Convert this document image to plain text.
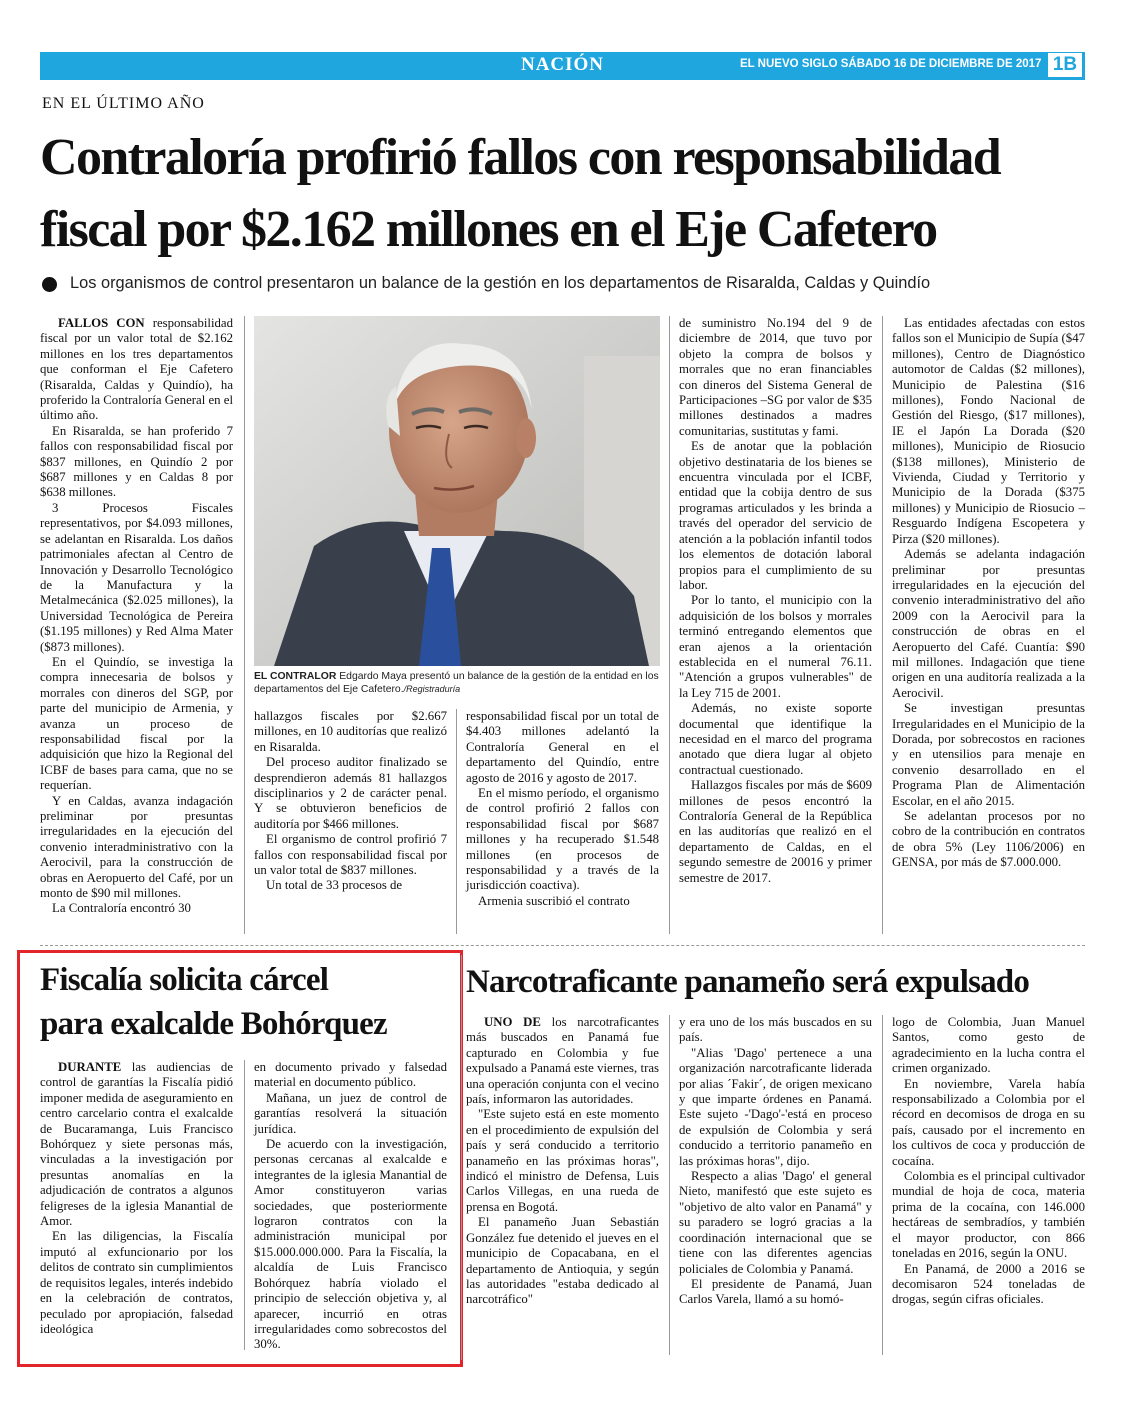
NACIÓN	EL NUEVO SIGLO SÁBADO 16 DE DICIEMBRE DE 2017 1B
EN EL ÚLTIMO AÑO
Contraloría profirió fallos con responsabilidad
fiscal por $2.162 millones en el Eje Cafetero
Los organismos de control presentaron un balance de la gestión en los departamentos de Risaralda, Caldas y Quindío

FALLOS CON responsabilidad fiscal por un valor total de $2.162 millones en los tres departamentos que conforman el Eje Cafetero (Risaralda, Caldas y Quindío), ha proferido la Contraloría General en el último año.

En Risaralda, se han proferido 7 fallos con responsabilidad fiscal por $837 millones, en Quindío 2 por $687 millones y en Caldas 8 por $638 millones.

3 Procesos Fiscales representativos, por $4.093 millones, se adelantan en Risaralda. Los daños patrimoniales afectan al Centro de Innovación y Desarrollo Tecnológico de la Manufactura y la Metalmecánica ($2.025 millones), la Universidad Tecnológica de Pereira ($1.195 millones) y Red Alma Mater ($873 millones).

En el Quindío, se investiga la compra innecesaria de bolsos y morrales con dineros del SGP, por parte del municipio de Armenia, y avanza un proceso de responsabilidad fiscal por la adquisición que hizo la Regional del ICBF de bases para cama, que no se requerían.

Y en Caldas, avanza indagación preliminar por presuntas irregularidades en la ejecución del convenio interadministrativo con la Aerocivil, para la construcción de obras en Aeropuerto del Café, por un monto de $90 mil millones.

La Contraloría encontró 30

EL CONTRALOR Edgardo Maya presentó un balance de la gestión de la entidad en los departamentos del Eje Cafetero./Registraduría

hallazgos fiscales por $2.667 millones, en 10 auditorías que realizó en Risaralda.

Del proceso auditor finalizado se desprendieron además 81 hallazgos disciplinarios y 2 de carácter penal. Y se obtuvieron beneficios de auditoría por $466 millones.

El organismo de control profirió 7 fallos con responsabilidad fiscal por un valor total de $837 millones.

Un total de 33 procesos de

responsabilidad fiscal por un total de $4.403 millones adelantó la Contraloría General en el departamento del Quindío, entre agosto de 2016 y agosto de 2017.

En el mismo período, el organismo de control profirió 2 fallos con responsabilidad fiscal por $687 millones y ha recuperado $1.548 millones (en procesos de responsabilidad y a través de la jurisdicción coactiva).

Armenia suscribió el contrato

de suministro No.194 del 9 de diciembre de 2014, que tuvo por objeto la compra de bolsos y morrales que no eran financiables con dineros del Sistema General de Participaciones –SG por valor de $35 millones destinados a madres comunitarias, sustitutas y fami.

Es de anotar que la población objetivo destinataria de los bienes se encuentra vinculada por el ICBF, entidad que la cobija dentro de sus programas articulados y les brinda a través del operador del servicio de atención a la población infantil todos los elementos de dotación laboral propios para el cumplimiento de su labor.

Por lo tanto, el municipio con la adquisición de los bolsos y morrales terminó entregando elementos que eran ajenos a la orientación establecida en el numeral 76.11. "Atención a grupos vulnerables" de la Ley 715 de 2001.

Además, no existe soporte documental que identifique la necesidad en el marco del programa anotado que diera lugar al objeto contractual cuestionado.

Hallazgos fiscales por más de $609 millones de pesos encontró la Contraloría General de la República en las auditorías que realizó en el departamento de Caldas, en el segundo semestre de 20016 y primer semestre de 2017.

Las entidades afectadas con estos fallos son el Municipio de Supía ($47 millones), Centro de Diagnóstico automotor de Caldas ($2 millones), Municipio de Palestina ($16 millones), Fondo Nacional de Gestión del Riesgo, ($17 millones), IE el Japón La Dorada ($20 millones), Municipio de Riosucio ($138 millones), Ministerio de Vivienda, Ciudad y Territorio y Municipio de la Dorada ($375 millones) y Municipio de Riosucio –Resguardo Indígena Escopetera y Pirza ($20 millones).

Además se adelanta indagación preliminar por presuntas irregularidades en la ejecución del convenio interadministrativo del año 2009 con la Aerocivil para la construcción de obras en el Aeropuerto del Café. Cuantía: $90 mil millones. Indagación que tiene origen en una auditoría realizada a la Aerocivil.

Se investigan presuntas Irregularidades en el Municipio de la Dorada, por sobrecostos en raciones y en utensilios para menaje en convenio desarrollado en el Programa Plan de Alimentación Escolar, en el año 2015.

Se adelantan procesos por no cobro de la contribución en contratos de obra 5% (Ley 1106/2006) en GENSA, por más de $7.000.000.

Fiscalía solicita cárcel
para exalcalde Bohórquez

DURANTE las audiencias de control de garantías la Fiscalía pidió imponer medida de aseguramiento en centro carcelario contra el exalcalde de Bucaramanga, Luis Francisco Bohórquez y siete personas más, vinculadas a la investigación por presuntas anomalías en la adjudicación de contratos a algunos feligreses de la iglesia Manantial de Amor.

En las diligencias, la Fiscalía imputó al exfuncionario por los delitos de contrato sin cumplimientos de requisitos legales, interés indebido en la celebración de contratos, peculado por apropiación, falsedad ideológica

en documento privado y falsedad material en documento público.

Mañana, un juez de control de garantías resolverá la situación jurídica.

De acuerdo con la investigación, personas cercanas al exalcalde e integrantes de la iglesia Manantial de Amor constituyeron varias sociedades, que posteriormente lograron contratos con la administración municipal por $15.000.000.000. Para la Fiscalía, la alcaldía de Luis Francisco Bohórquez habría violado el principio de selección objetiva y, al aparecer, incurrió en otras irregularidades como sobrecostos del 30%.

Narcotraficante panameño será expulsado

UNO DE los narcotraficantes más buscados en Panamá fue capturado en Colombia y fue expulsado a Panamá este viernes, tras una operación conjunta con el vecino país, informaron las autoridades.

"Este sujeto está en este momento en el procedimiento de expulsión del país y será conducido a territorio panameño en las próximas horas", indicó el ministro de Defensa, Luis Carlos Villegas, en una rueda de prensa en Bogotá.

El panameño Juan Sebastián González fue detenido el jueves en el municipio de Copacabana, en el departamento de Antioquia, y según las autoridades "estaba dedicado al narcotráfico"

y era uno de los más buscados en su país.

"Alias 'Dago' pertenece a una organización narcotraficante liderada por alias ´Fakir´, de origen mexicano y que imparte órdenes en Panamá. Este sujeto -'Dago'-'está en proceso de expulsión de Colombia y será conducido a territorio panameño en las próximas horas", dijo.

Respecto a alias 'Dago' el general Nieto, manifestó que este sujeto es "objetivo de alto valor en Panamá" y su paradero se logró gracias a la coordinación internacional que se tiene con las diferentes agencias policiales de Colombia y Panamá.

El presidente de Panamá, Juan Carlos Varela, llamó a su homó-

logo de Colombia, Juan Manuel Santos, como gesto de agradecimiento en la lucha contra el crimen organizado.

En noviembre, Varela había responsabilizado a Colombia por el récord en decomisos de droga en su país, causado por el incremento en los cultivos de coca y producción de cocaína.

Colombia es el principal cultivador mundial de hoja de coca, materia prima de la cocaína, con 146.000 hectáreas de sembradíos, y también el mayor productor, con 866 toneladas en 2016, según la ONU.

En Panamá, de 2000 a 2016 se decomisaron 524 toneladas de drogas, según cifras oficiales.
